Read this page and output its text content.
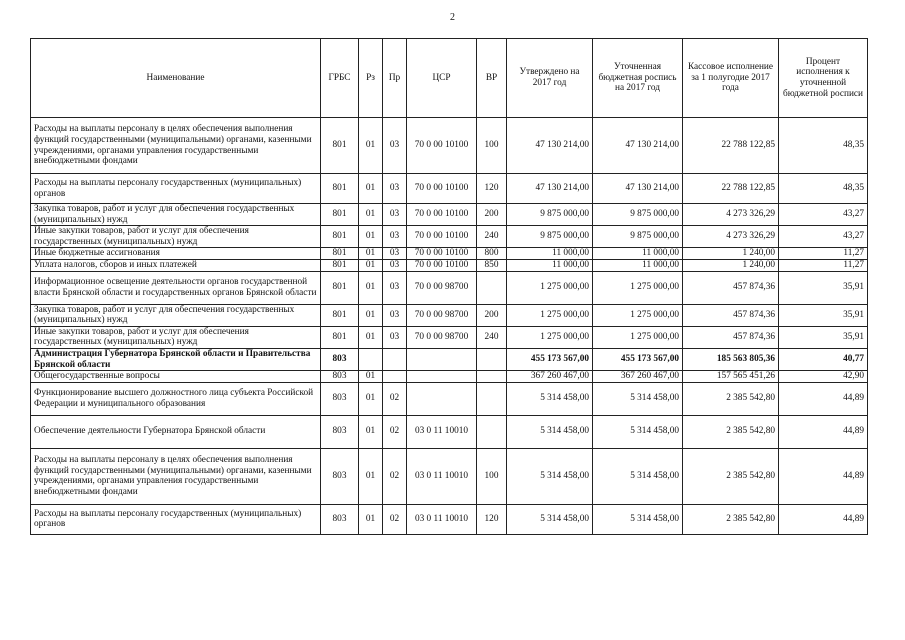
2
Наименование	ГРБС	Рз	Пр	ЦСР	ВР	Утверждено на 2017 год	Уточненная бюджетная роспись на 2017 год	Кассовое исполнение за 1 полугодие 2017 года	Процент исполнения к уточненной бюджетной росписи
Расходы на выплаты персоналу в целях обеспечения выполнения функций государственными (муниципальными) органами, казенными учреждениями, органами управления государственными внебюджетными фондами	801	01	03	70 0 00 10100	100	47 130 214,00	47 130 214,00	22 788 122,85	48,35
Расходы на выплаты персоналу государственных (муниципальных) органов	801	01	03	70 0 00 10100	120	47 130 214,00	47 130 214,00	22 788 122,85	48,35
Закупка товаров, работ и услуг для обеспечения государственных (муниципальных) нужд	801	01	03	70 0 00 10100	200	9 875 000,00	9 875 000,00	4 273 326,29	43,27
Иные закупки товаров, работ и услуг для обеспечения государственных (муниципальных) нужд	801	01	03	70 0 00 10100	240	9 875 000,00	9 875 000,00	4 273 326,29	43,27
Иные бюджетные ассигнования	801	01	03	70 0 00 10100	800	11 000,00	11 000,00	1 240,00	11,27
Уплата налогов, сборов и иных платежей	801	01	03	70 0 00 10100	850	11 000,00	11 000,00	1 240,00	11,27
Информационное освещение деятельности органов государственной власти Брянской области и государственных органов Брянской области	801	01	03	70 0 00 98700		1 275 000,00	1 275 000,00	457 874,36	35,91
Закупка товаров, работ и услуг для обеспечения государственных (муниципальных) нужд	801	01	03	70 0 00 98700	200	1 275 000,00	1 275 000,00	457 874,36	35,91
Иные закупки товаров, работ и услуг для обеспечения государственных (муниципальных) нужд	801	01	03	70 0 00 98700	240	1 275 000,00	1 275 000,00	457 874,36	35,91
Администрация Губернатора Брянской области и Правительства Брянской области	803					455 173 567,00	455 173 567,00	185 563 805,36	40,77
Общегосударственные вопросы	803	01				367 260 467,00	367 260 467,00	157 565 451,26	42,90
Функционирование высшего должностного лица субъекта Российской Федерации и муниципального образования	803	01	02			5 314 458,00	5 314 458,00	2 385 542,80	44,89
Обеспечение деятельности Губернатора Брянской области	803	01	02	03 0 11 10010		5 314 458,00	5 314 458,00	2 385 542,80	44,89
Расходы на выплаты персоналу в целях обеспечения выполнения функций государственными (муниципальными) органами, казенными учреждениями, органами управления государственными внебюджетными фондами	803	01	02	03 0 11 10010	100	5 314 458,00	5 314 458,00	2 385 542,80	44,89
Расходы на выплаты персоналу государственных (муниципальных) органов	803	01	02	03 0 11 10010	120	5 314 458,00	5 314 458,00	2 385 542,80	44,89
